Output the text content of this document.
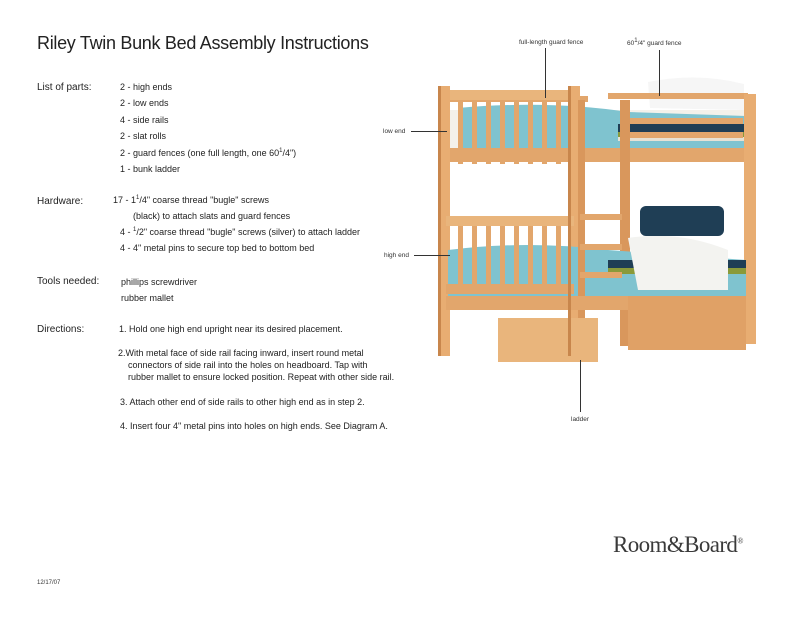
Riley Twin Bunk Bed Assembly Instructions
List of parts:	2 - high ends
2 - low ends
4 - side rails
2 - slat rolls
2 - guard fences (one full length, one $60^1/4$")
1 - bunk ladder
Hardware:	$17 - 1^1/4$" coarse thread "bugle" screws
(black) to attach slats and guard fences
4 - $^1$/2" coarse thread "bugle" screws (silver) to attach ladder
4 - 4" metal pins to secure top bed to bottom bed
Tools needed: phillips screwdriver
rubber mallet
Directions:	1. Hold one high end upright near its desired placement.
2.With metal face of side rail facing inward, insert round metal
connectors of side rail into the holes on headboard. Tap with
rubber mallet to ensure locked position. Repeat with other side rail.
3. Attach other end of side rails to other high end as in step 2.
4. Insert four 4" metal pins into holes on high ends. See Diagram A.
full-length guard fence	601/4" guard fence
low end
high end
ladder
Room&Board®
12/17/07
